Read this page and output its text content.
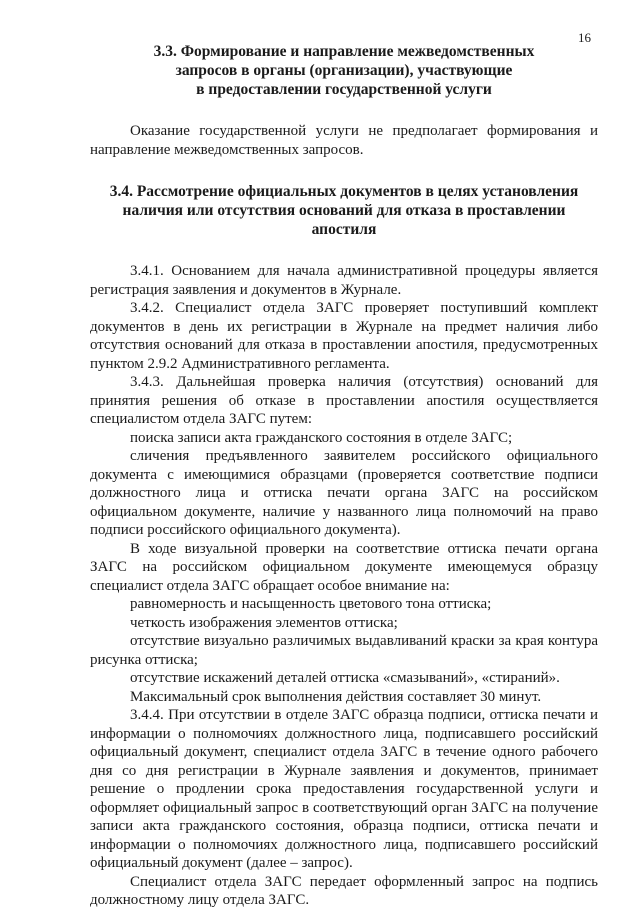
16
3.3. Формирование и направление межведомственных
запросов в органы (организации), участвующие
в предоставлении государственной услуги

Оказание государственной услуги не предполагает формирования и направление межведомственных запросов.

3.4. Рассмотрение официальных документов в целях установления
наличия или отсутствия оснований для отказа в проставлении апостиля

3.4.1. Основанием для начала административной процедуры является регистрация заявления и документов в Журнале.

3.4.2. Специалист отдела ЗАГС проверяет поступивший комплект документов в день их регистрации в Журнале на предмет наличия либо отсутствия оснований для отказа в проставлении апостиля, предусмотренных пунктом 2.9.2 Административного регламента.

3.4.3. Дальнейшая проверка наличия (отсутствия) оснований для принятия решения об отказе в проставлении апостиля осуществляется специалистом отдела ЗАГС путем:

поиска записи акта гражданского состояния в отделе ЗАГС;

сличения предъявленного заявителем российского официального документа с имеющимися образцами (проверяется соответствие подписи должностного лица и оттиска печати органа ЗАГС на российском официальном документе, наличие у названного лица полномочий на право подписи российского официального документа).

В ходе визуальной проверки на соответствие оттиска печати органа ЗАГС на российском официальном документе имеющемуся образцу специалист отдела ЗАГС обращает особое внимание на:

равномерность и насыщенность цветового тона оттиска;

четкость изображения элементов оттиска;

отсутствие визуально различимых выдавливаний краски за края контура рисунка оттиска;

отсутствие искажений деталей оттиска «смазываний», «стираний».

Максимальный срок выполнения действия составляет 30 минут.

3.4.4. При отсутствии в отделе ЗАГС образца подписи, оттиска печати и информации о полномочиях должностного лица, подписавшего российский официальный документ, специалист отдела ЗАГС в течение одного рабочего дня со дня регистрации в Журнале заявления и документов, принимает решение о продлении срока предоставления государственной услуги и оформляет официальный запрос в соответствующий орган ЗАГС на получение записи акта гражданского состояния, образца подписи, оттиска печати и информации о полномочиях должностного лица, подписавшего российский официальный документ (далее – запрос).

Специалист отдела ЗАГС передает оформленный запрос на подпись должностному лицу отдела ЗАГС.
